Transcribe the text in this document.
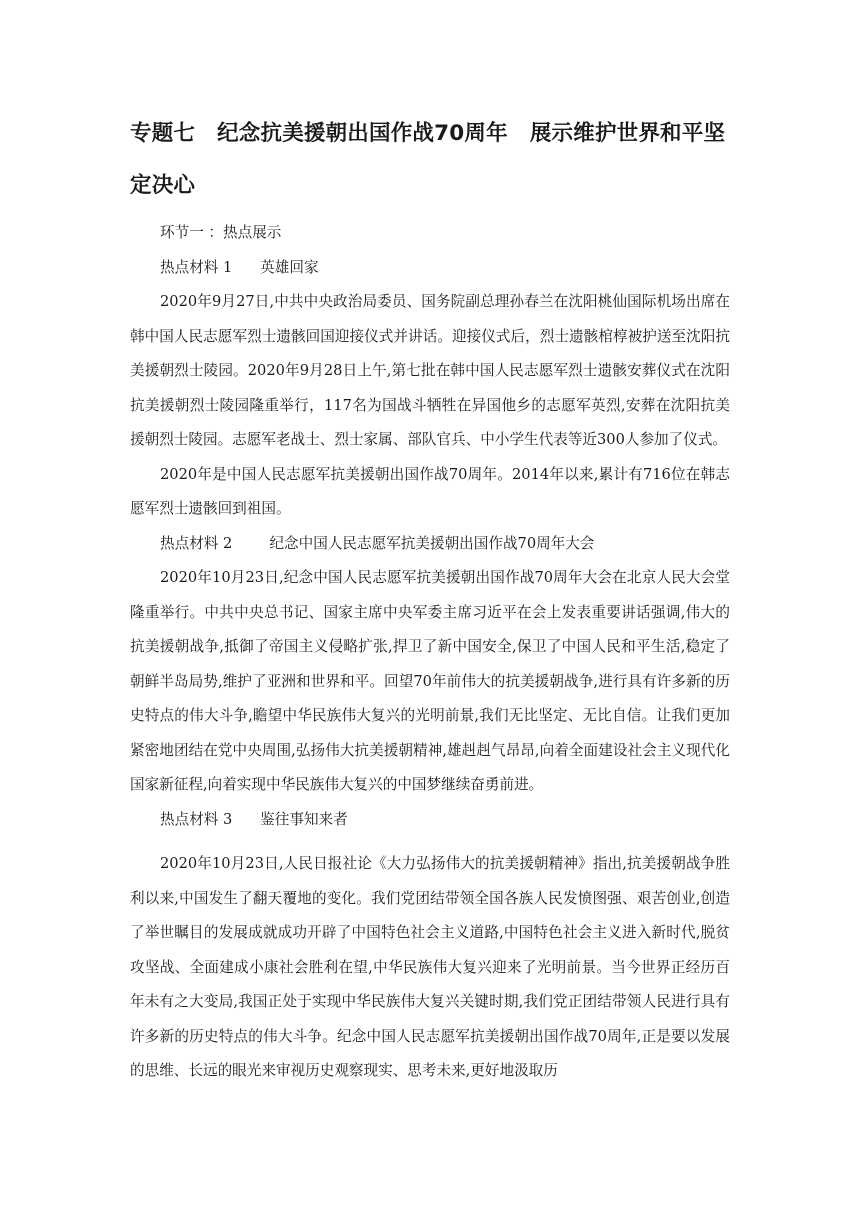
专题七 纪念抗美援朝出国作战70周年 展示维护世界和平坚定决心
环节一 ：热点展示
热点材料 1 英雄回家

2020年9月27日,中共中央政治局委员、国务院副总理孙春兰在沈阳桃仙国际机场出席在韩中国人民志愿军烈士遗骸回国迎接仪式并讲话。迎接仪式后，烈士遗骸棺椁被护送至沈阳抗美援朝烈士陵园。2020年9月28日上午,第七批在韩中国人民志愿军烈士遗骸安葬仪式在沈阳抗美援朝烈士陵园隆重举行，117名为国战斗牺牲在异国他乡的志愿军英烈,安葬在沈阳抗美援朝烈士陵园。志愿军老战士、烈士家属、部队官兵、中小学生代表等近300人参加了仪式。

2020年是中国人民志愿军抗美援朝出国作战70周年。2014年以来,累计有716位在韩志愿军烈士遗骸回到祖国。

热点材料 2	纪念中国人民志愿军抗美援朝出国作战70周年大会

2020年10月23日,纪念中国人民志愿军抗美援朝出国作战70周年大会在北京人民大会堂隆重举行。中共中央总书记、国家主席中央军委主席习近平在会上发表重要讲话强调,伟大的抗美援朝战争,抵御了帝国主义侵略扩张,捍卫了新中国安全,保卫了中国人民和平生活,稳定了朝鲜半岛局势,维护了亚洲和世界和平。回望70年前伟大的抗美援朝战争,进行具有许多新的历史特点的伟大斗争,瞻望中华民族伟大复兴的光明前景,我们无比坚定、无比自信。让我们更加紧密地团结在党中央周围,弘扬伟大抗美援朝精神,雄赳赳气昂昂,向着全面建设社会主义现代化国家新征程,向着实现中华民族伟大复兴的中国梦继续奋勇前进。

热点材料 3 鉴往事知来者

2020年10月23日,人民日报社论《大力弘扬伟大的抗美援朝精神》指出,抗美援朝战争胜利以来,中国发生了翻天覆地的变化。我们党团结带领全国各族人民发愤图强、艰苦创业,创造了举世瞩目的发展成就成功开辟了中国特色社会主义道路,中国特色社会主义进入新时代,脱贫攻坚战、全面建成小康社会胜利在望,中华民族伟大复兴迎来了光明前景。当今世界正经历百年未有之大变局,我国正处于实现中华民族伟大复兴关键时期,我们党正团结带领人民进行具有许多新的历史特点的伟大斗争。纪念中国人民志愿军抗美援朝出国作战70周年,正是要以发展的思维、长远的眼光来审视历史观察现实、思考未来,更好地汲取历
